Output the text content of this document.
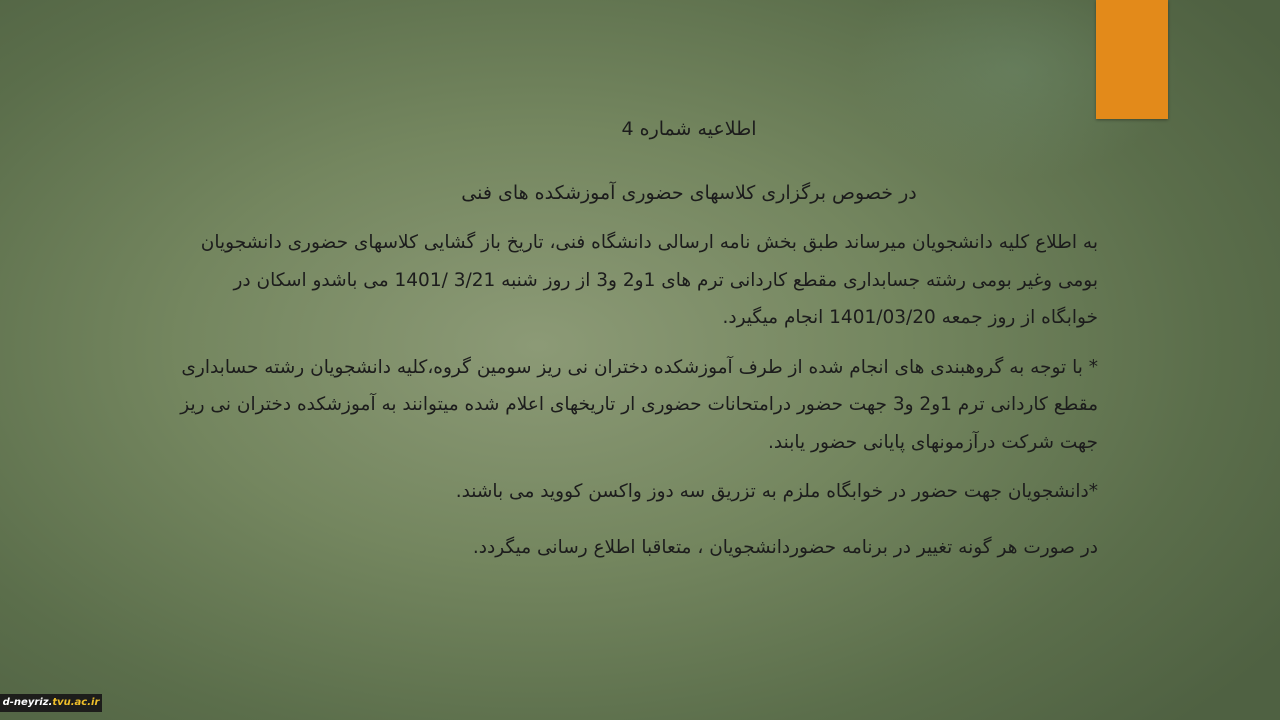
اطلاعیه شماره 4
در خصوص برگزاری کلاسهای حضوری آموزشکده های فنی

به اطلاع کلیه دانشجویان میرساند طبق بخش نامه ارسالی دانشگاه فنی، تاریخ باز گشایی کلاسهای حضوری دانشجویان بومی وغیر بومی رشته جسابداری مقطع کاردانی ترم های 1و2 و3 از روز شنبه 3/21 /1401 می باشدو اسکان در خوابگاه از روز جمعه 1401/03/20 انجام میگیرد.

* با توجه به گروهبندی های انجام شده از طرف آموزشکده دختران نی ریز سومین گروه،کلیه دانشجویان رشته حسابداری مقطع کاردانی ترم 1و2 و3 جهت حضور درامتحانات حضوری ار تاریخهای اعلام شده میتوانند به آموزشکده دختران نی ریز جهت شرکت درآزمونهای پایانی حضور یابند.

*دانشجویان جهت حضور در خوابگاه ملزم به تزریق سه دوز واکسن کووید می باشند.

در صورت هر گونه تغییر در برنامه حضوردانشجویان ، متعاقبا اطلاع رسانی میگردد.

d-neyriz.tvu.ac.ir
